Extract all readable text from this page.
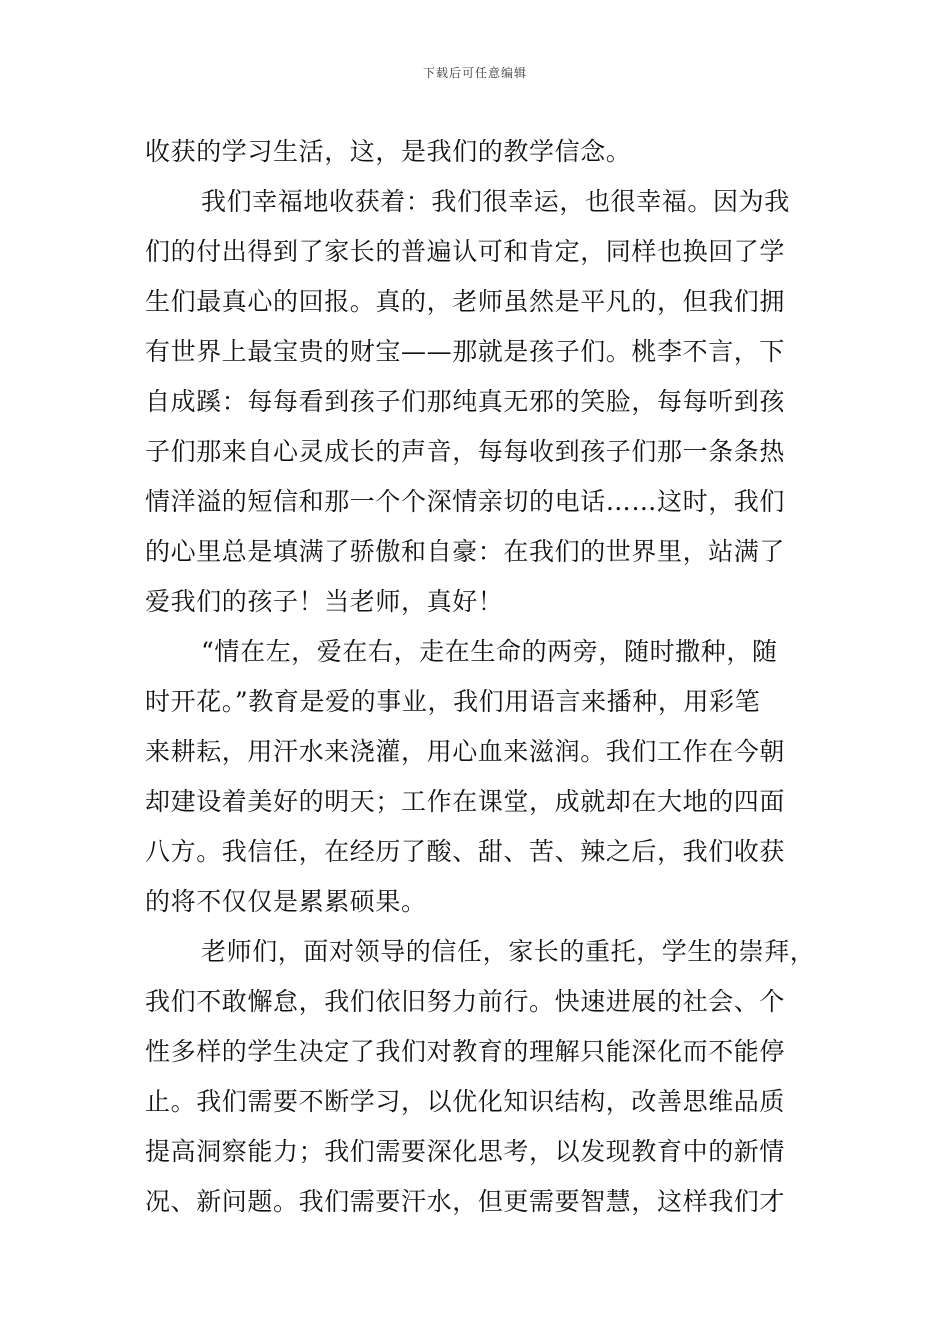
下载后可任意编辑
收获的学习生活，这，是我们的教学信念。
我们幸福地收获着：我们很幸运，也很幸福。因为我
们的付出得到了家长的普遍认可和肯定，同样也换回了学
生们最真心的回报。真的，老师虽然是平凡的，但我们拥
有世界上最宝贵的财宝——那就是孩子们。桃李不言，下
自成蹊：每每看到孩子们那纯真无邪的笑脸，每每听到孩
子们那来自心灵成长的声音，每每收到孩子们那一条条热
情洋溢的短信和那一个个深情亲切的电话……这时，我们
的心里总是填满了骄傲和自豪：在我们的世界里，站满了
爱我们的孩子！当老师，真好！
“情在左，爱在右，走在生命的两旁，随时撒种，随
时开花。”教育是爱的事业，我们用语言来播种，用彩笔
来耕耘，用汗水来浇灌，用心血来滋润。我们工作在今朝
却建设着美好的明天；工作在课堂，成就却在大地的四面
八方。我信任，在经历了酸、甜、苦、辣之后，我们收获
的将不仅仅是累累硕果。
老师们，面对领导的信任，家长的重托，学生的崇拜，
我们不敢懈怠，我们依旧努力前行。快速进展的社会、个
性多样的学生决定了我们对教育的理解只能深化而不能停
止。我们需要不断学习，以优化知识结构，改善思维品质
提高洞察能力；我们需要深化思考，以发现教育中的新情
况、新问题。我们需要汗水，但更需要智慧，这样我们才
